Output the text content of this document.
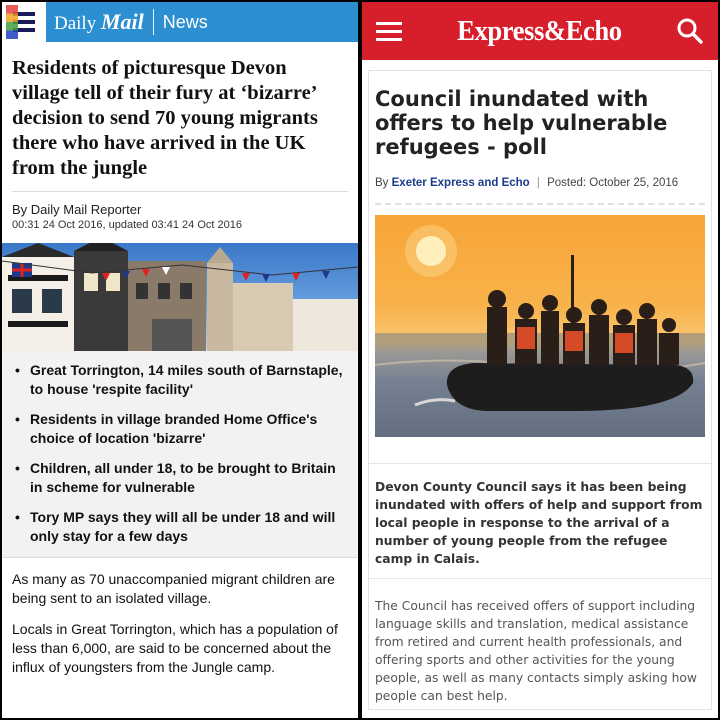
Daily Mail News
Residents of picturesque Devon village tell of their fury at ‘bizarre’ decision to send 70 young migrants there who have arrived in the UK from the jungle
By Daily Mail Reporter
00:31 24 Oct 2016, updated 03:41 24 Oct 2016
• Great Torrington, 14 miles south of Barnstaple, to house 'respite facility'
• Residents in village branded Home Office's choice of location 'bizarre'
• Children, all under 18, to be brought to Britain in scheme for vulnerable
• Tory MP says they will all be under 18 and will only stay for a few days

As many as 70 unaccompanied migrant children are being sent to an isolated village.

Locals in Great Torrington, which has a population of less than 6,000, are said to be concerned about the influx of youngsters from the Jungle camp.

Express&Echo
Council inundated with offers to help vulnerable refugees - poll
By Exeter Express and Echo | Posted: October 25, 2016
Devon County Council says it has been being inundated with offers of help and support from local people in response to the arrival of a number of young people from the refugee camp in Calais.
The Council has received offers of support including language skills and translation, medical assistance from retired and current health professionals, and offering sports and other activities for the young people, as well as many contacts simply asking how people can best help.
